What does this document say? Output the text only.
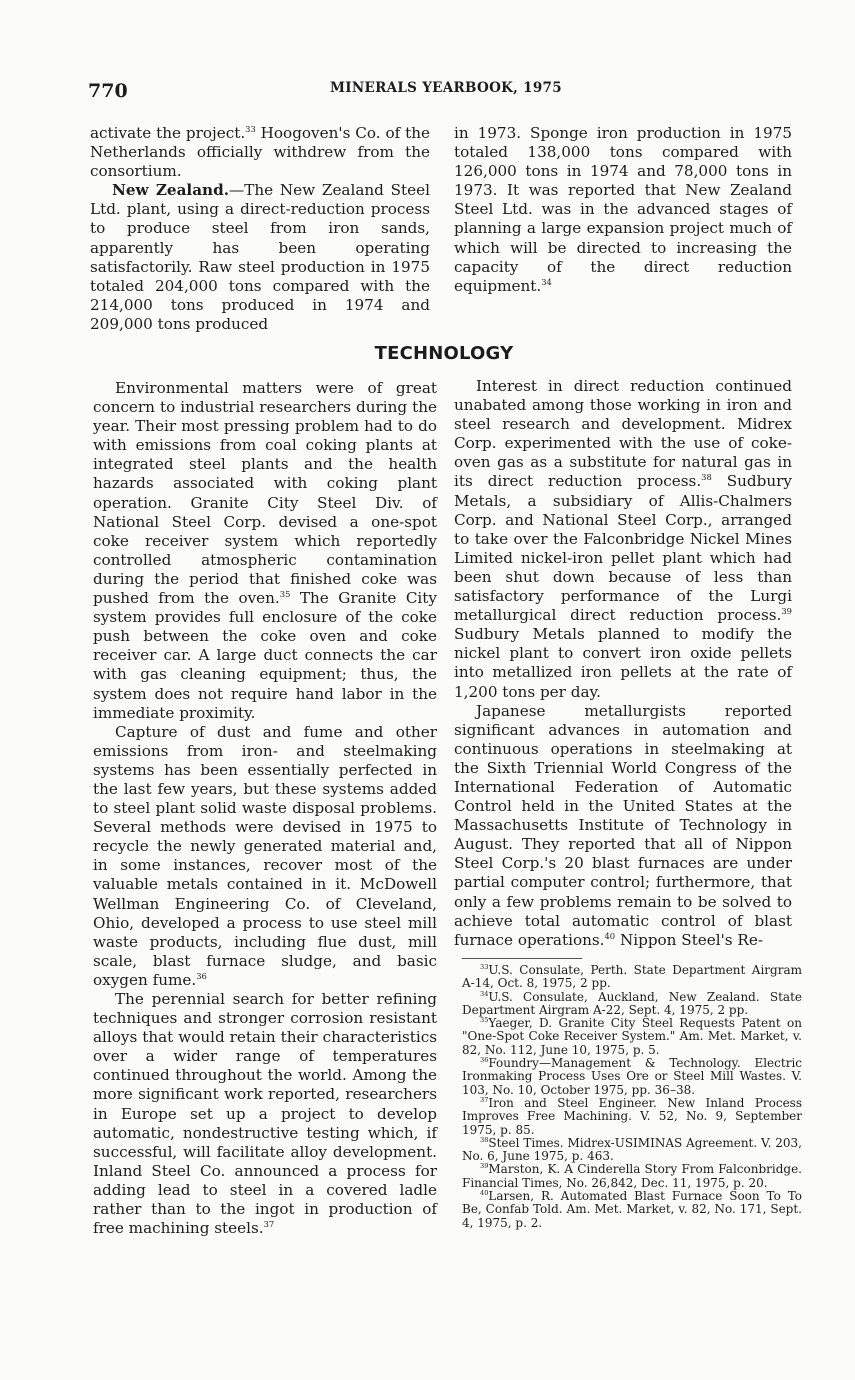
770	MINERALS YEARBOOK, 1975

activate the project.$^{33}$ Hoogoven's Co. of the Netherlands officially withdrew from the consortium.

New Zealand.—The New Zealand Steel Ltd. plant, using a direct-reduction process to produce steel from iron sands, apparently has been operating satisfactorily. Raw steel production in 1975 totaled 204,000 tons compared with the 214,000 tons produced in 1974 and 209,000 tons produced

in 1973. Sponge iron production in 1975 totaled 138,000 tons compared with 126,000 tons in 1974 and 78,000 tons in 1973. It was reported that New Zealand Steel Ltd. was in the advanced stages of planning a large expansion project much of which will be directed to increasing the capacity of the direct reduction equipment.$^{34}$

TECHNOLOGY

Environmental matters were of great concern to industrial researchers during the year. Their most pressing problem had to do with emissions from coal coking plants at integrated steel plants and the health hazards associated with coking plant operation. Granite City Steel Div. of National Steel Corp. devised a one-spot coke receiver system which reportedly controlled atmospheric contamination during the period that finished coke was pushed from the oven.$^{35}$ The Granite City system provides full enclosure of the coke push between the coke oven and coke receiver car. A large duct connects the car with gas cleaning equipment; thus, the system does not require hand labor in the immediate proximity.

Capture of dust and fume and other emissions from iron- and steelmaking systems has been essentially perfected in the last few years, but these systems added to steel plant solid waste disposal problems. Several methods were devised in 1975 to recycle the newly generated material and, in some instances, recover most of the valuable metals contained in it. McDowell Wellman Engineering Co. of Cleveland, Ohio, developed a process to use steel mill waste products, including flue dust, mill scale, blast furnace sludge, and basic oxygen fume.$^{36}$

The perennial search for better refining techniques and stronger corrosion resistant alloys that would retain their characteristics over a wider range of temperatures continued throughout the world. Among the more significant work reported, researchers in Europe set up a project to develop automatic, nondestructive testing which, if successful, will facilitate alloy development. Inland Steel Co. announced a process for adding lead to steel in a covered ladle rather than to the ingot in production of free machining steels.$^{37}$

Interest in direct reduction continued unabated among those working in iron and steel research and development. Midrex Corp. experimented with the use of coke-oven gas as a substitute for natural gas in its direct reduction process.$^{38}$ Sudbury Metals, a subsidiary of Allis-Chalmers Corp. and National Steel Corp., arranged to take over the Falconbridge Nickel Mines Limited nickel-iron pellet plant which had been shut down because of less than satisfactory performance of the Lurgi metallurgical direct reduction process.$^{39}$ Sudbury Metals planned to modify the nickel plant to convert iron oxide pellets into metallized iron pellets at the rate of 1,200 tons per day.

Japanese metallurgists reported significant advances in automation and continuous operations in steelmaking at the Sixth Triennial World Congress of the International Federation of Automatic Control held in the United States at the Massachusetts Institute of Technology in August. They reported that all of Nippon Steel Corp.'s 20 blast furnaces are under partial computer control; furthermore, that only a few problems remain to be solved to achieve total automatic control of blast furnace operations.$^{40}$ Nippon Steel's Re-

$^{33}$U.S. Consulate, Perth. State Department Airgram A-14, Oct. 8, 1975, 2 pp.

$^{34}$U.S. Consulate, Auckland, New Zealand. State Department Airgram A-22, Sept. 4, 1975, 2 pp.

$^{35}$Yaeger, D. Granite City Steel Requests Patent on "One-Spot Coke Receiver System." Am. Met. Market, v. 82, No. 112, June 10, 1975, p. 5.

$^{36}$Foundry—Management & Technology. Electric Ironmaking Process Uses Ore or Steel Mill Wastes. V. 103, No. 10, October 1975, pp. 36–38.

$^{37}$Iron and Steel Engineer. New Inland Process Improves Free Machining. V. 52, No. 9, September 1975, p. 85.

$^{38}$Steel Times. Midrex-USIMINAS Agreement. V. 203, No. 6, June 1975, p. 463.

$^{39}$Marston, K. A Cinderella Story From Falconbridge. Financial Times, No. 26,842, Dec. 11, 1975, p. 20.

$^{40}$Larsen, R. Automated Blast Furnace Soon To To Be, Confab Told. Am. Met. Market, v. 82, No. 171, Sept. 4, 1975, p. 2.
